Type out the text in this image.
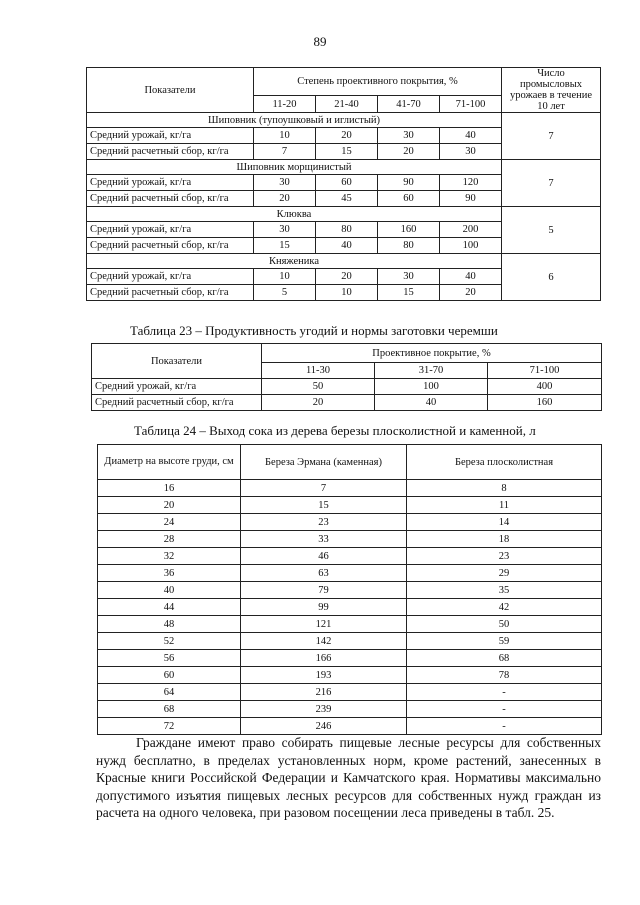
89
Показатели	Степень проективного покрытия, %				Число промысловых урожаев в течение 10 лет
	11-20	21-40	41-70	71-100	
Шиповник (тупоушковый и иглистый)					7
Средний урожай, кг/га	10	20	30	40	
Средний расчетный сбор, кг/га	7	15	20	30	
Шиповник морщинистый					7
Средний урожай, кг/га	30	60	90	120	
Средний расчетный сбор, кг/га	20	45	60	90	
Клюква					5
Средний урожай, кг/га	30	80	160	200	
Средний расчетный сбор, кг/га	15	40	80	100	
Княженика					6
Средний урожай, кг/га	10	20	30	40	
Средний расчетный сбор, кг/га	5	10	15	20	
Таблица 23 – Продуктивность угодий и нормы заготовки черемши
Показатели	Проективное покрытие, %		
	11-30	31-70	71-100
Средний урожай, кг/га	50	100	400
Средний расчетный сбор, кг/га	20	40	160
Таблица 24 – Выход сока из дерева березы плосколистной и каменной, л
Диаметр на высоте груди, см	Береза Эрмана (каменная)	Береза плосколистная
16	7	8
20	15	11
24	23	14
28	33	18
32	46	23
36	63	29
40	79	35
44	99	42
48	121	50
52	142	59
56	166	68
60	193	78
64	216	-
68	239	-
72	246	-
Граждане имеют право собирать пищевые лесные ресурсы для собственных нужд бесплатно, в пределах установленных норм, кроме растений, занесенных в Красные книги Российской Федерации и Камчатского края. Нормативы максимально допустимого изъятия пищевых лесных ресурсов для собственных нужд граждан из расчета на одного человека, при разовом посещении леса приведены в табл. 25.
